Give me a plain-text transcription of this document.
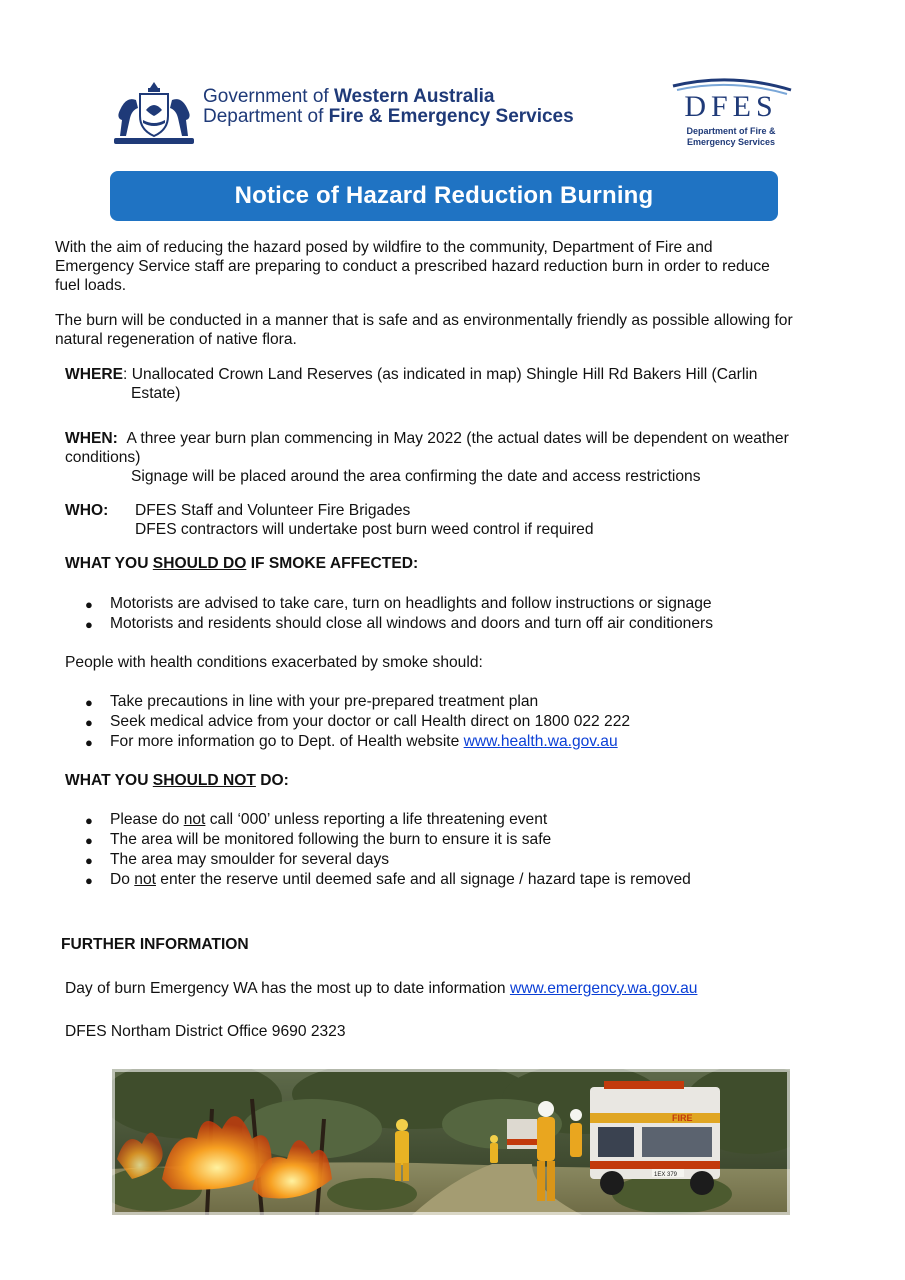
Government of Western Australia
Department of Fire & Emergency Services	DFES
Department of Fire &
Emergency Services
Notice of Hazard Reduction Burning
With the aim of reducing the hazard posed by wildfire to the community, Department of Fire and
Emergency Service staff are preparing to conduct a prescribed hazard reduction burn in order to reduce
fuel loads.
The burn will be conducted in a manner that is safe and as environmentally friendly as possible allowing for
natural regeneration of native flora.
WHERE: Unallocated Crown Land Reserves (as indicated in map) Shingle Hill Rd Bakers Hill (Carlin
Estate)
WHEN: A three year burn plan commencing in May 2022 (the actual dates will be dependent on weather
conditions)
Signage will be placed around the area confirming the date and access restrictions
WHO: DFES Staff and Volunteer Fire Brigades
DFES contractors will undertake post burn weed control if required
WHAT YOU SHOULD DO IF SMOKE AFFECTED:
● Motorists are advised to take care, turn on headlights and follow instructions or signage
● Motorists and residents should close all windows and doors and turn off air conditioners
People with health conditions exacerbated by smoke should:
● Take precautions in line with your pre-prepared treatment plan
● Seek medical advice from your doctor or call Health direct on 1800 022 222
● For more information go to Dept. of Health website www.health.wa.gov.au
WHAT YOU SHOULD NOT DO:
● Please do not call ‘000’ unless reporting a life threatening event
● The area will be monitored following the burn to ensure it is safe
● The area may smoulder for several days
● Do not enter the reserve until deemed safe and all signage / hazard tape is removed
FURTHER INFORMATION
Day of burn Emergency WA has the most up to date information www.emergency.wa.gov.au
DFES Northam District Office 9690 2323
FIRE
1EX 379
